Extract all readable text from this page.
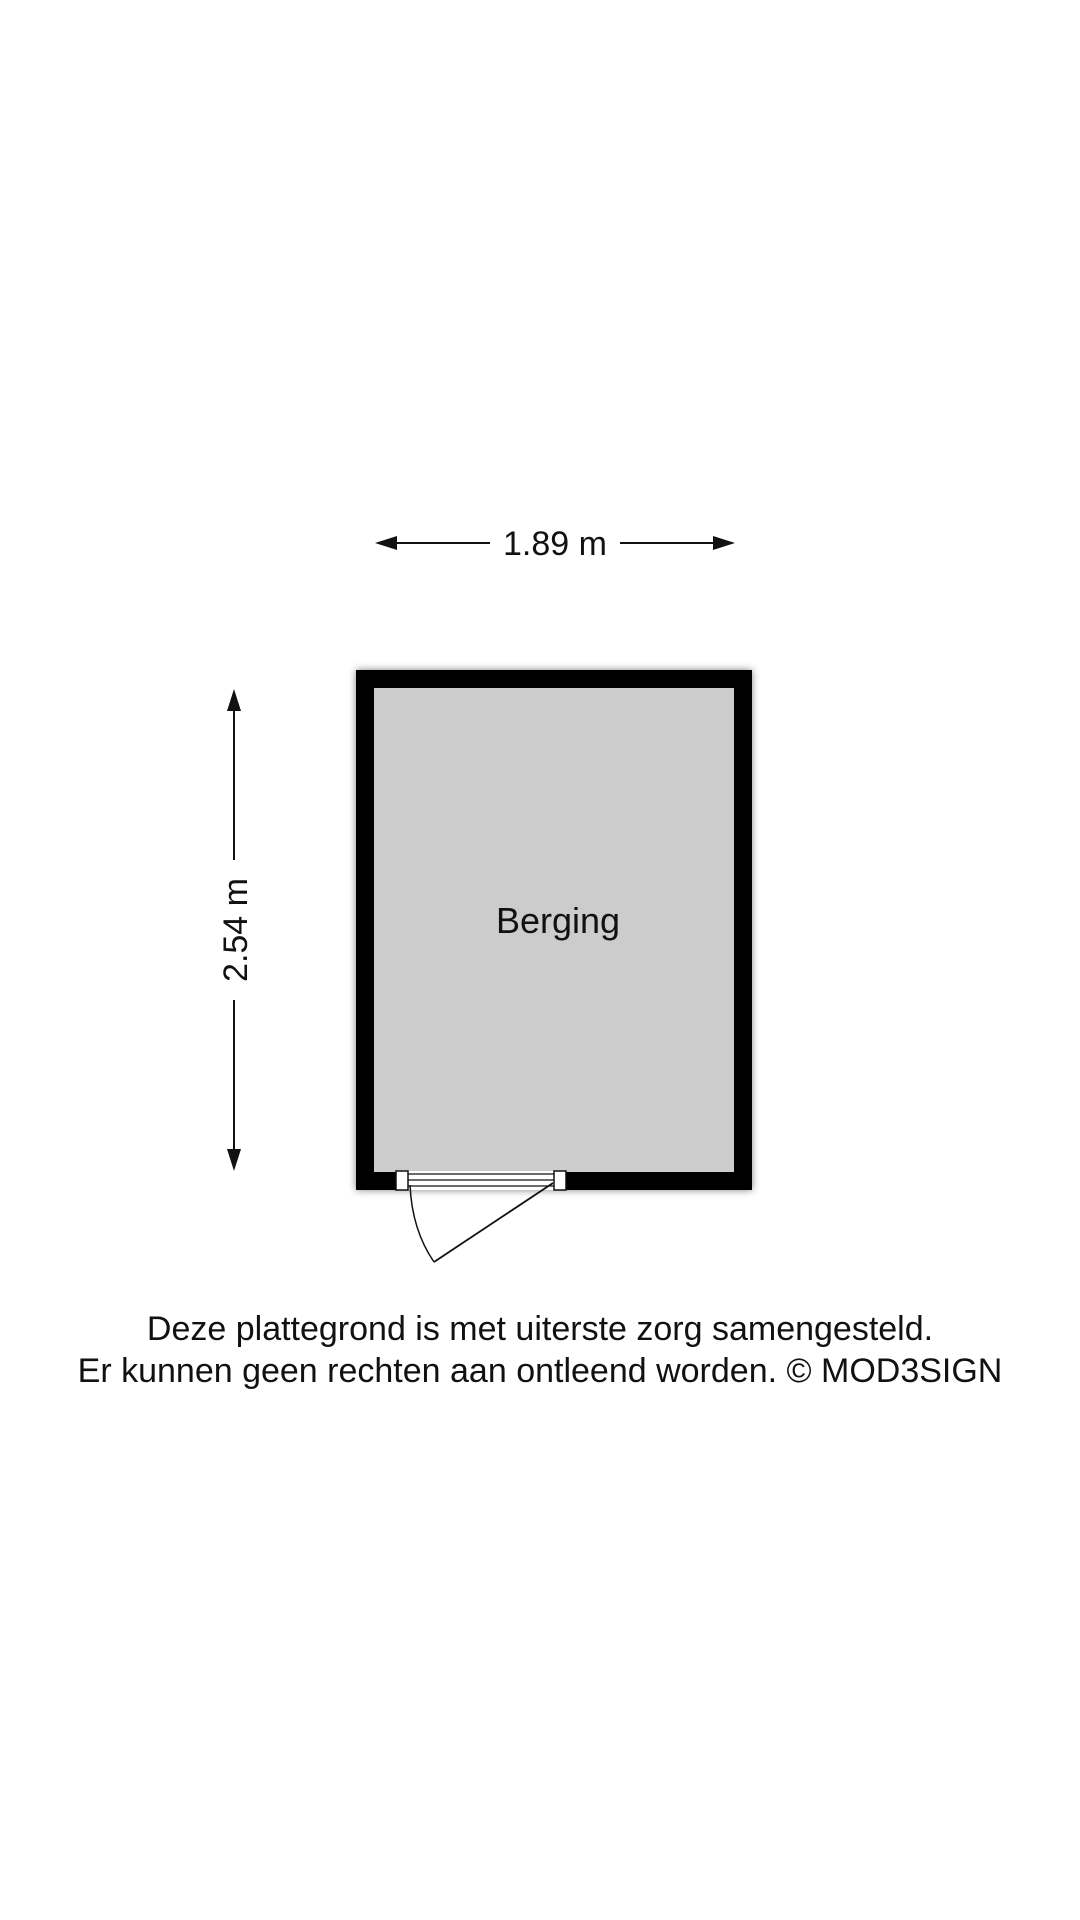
1.89 m
2.54 m	Berging
Deze plattegrond is met uiterste zorg samengesteld.
Er kunnen geen rechten aan ontleend worden. © MOD3SIGN
